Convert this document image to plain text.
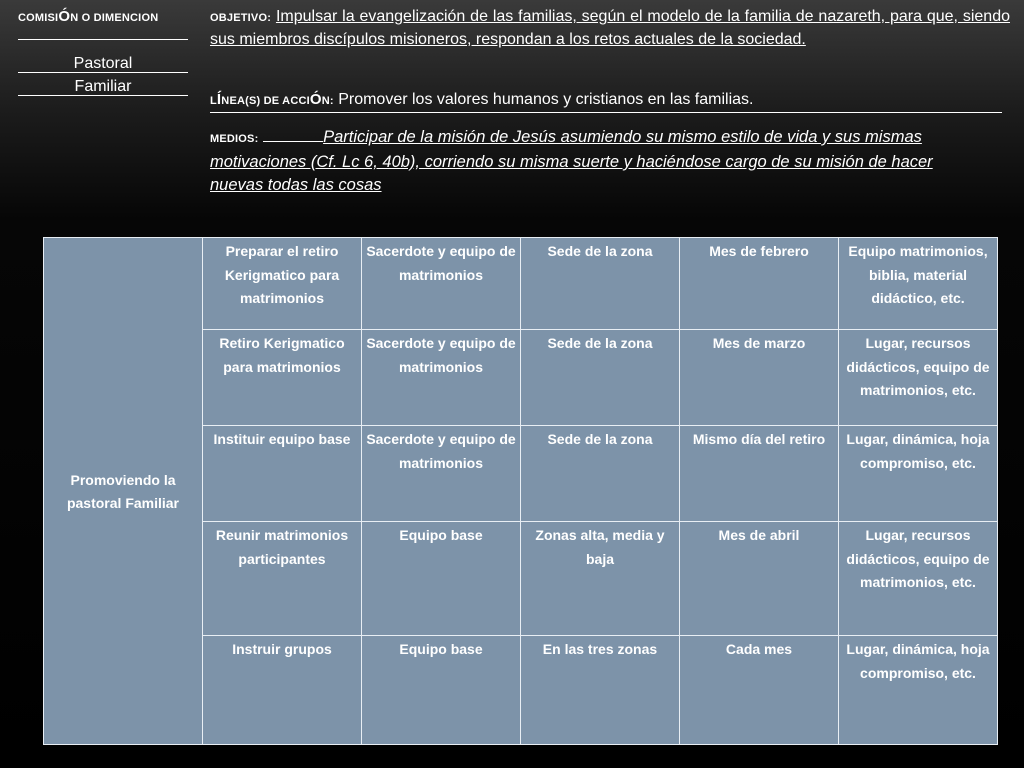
COMISIÓN O DIMENCION
Pastoral
Familiar
OBJETIVO: Impulsar la evangelización de las familias, según el modelo de la familia de nazareth, para que, siendo sus miembros discípulos misioneros, respondan a los retos actuales de la sociedad.
LÍNEA(S) DE ACCIÓN: Promover los valores humanos y cristianos en las familias.
MEDIOS:	Participar de la misión de Jesús asumiendo su mismo estilo de vida y sus mismas motivaciones (Cf. Lc 6, 40b), corriendo su misma suerte y haciéndose cargo de su misión de hacer nuevas todas las cosas
Promoviendo la pastoral Familiar	Preparar el retiro Kerigmatico para matrimonios	Sacerdote y equipo de matrimonios	Sede de la zona	Mes de febrero	Equipo matrimonios, biblia, material didáctico, etc.
	Retiro Kerigmatico para matrimonios	Sacerdote y equipo de matrimonios	Sede de la zona	Mes de marzo	Lugar, recursos didácticos, equipo de matrimonios, etc.
	Instituir equipo base	Sacerdote y equipo de matrimonios	Sede de la zona	Mismo día del retiro	Lugar, dinámica, hoja compromiso, etc.
	Reunir matrimonios participantes	Equipo base	Zonas alta, media y baja	Mes de abril	Lugar, recursos didácticos, equipo de matrimonios, etc.
	Instruir grupos	Equipo base	En las tres zonas	Cada mes	Lugar, dinámica, hoja compromiso, etc.
